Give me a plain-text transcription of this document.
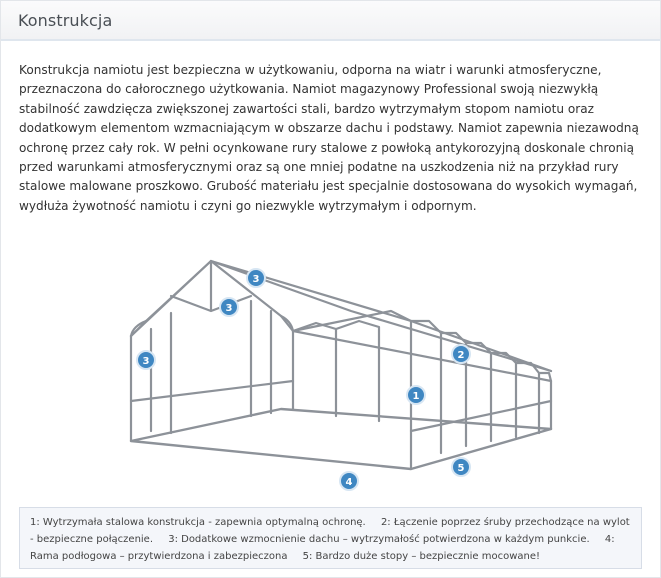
Konstrukcja

Konstrukcja namiotu jest bezpieczna w użytkowaniu, odporna na wiatr i warunki atmosferyczne, przeznaczona do całorocznego użytkowania. Namiot magazynowy Professional swoją niezwykłą stabilność zawdzięcza zwiększonej zawartości stali, bardzo wytrzymałym stopom namiotu oraz dodatkowym elementom wzmacniającym w obszarze dachu i podstawy. Namiot zapewnia niezawodną ochronę przez cały rok. W pełni ocynkowane rury stalowe z powłoką antykorozyjną doskonale chronią przed warunkami atmosferycznymi oraz są one mniej podatne na uszkodzenia niż na przykład rury stalowe malowane proszkowo. Grubość materiału jest specjalnie dostosowana do wysokich wymagań, wydłuża żywotność namiotu i czyni go niezwykle wytrzymałym i odpornym.

3
3
3
2
1
5
4
1: Wytrzymała stalowa konstrukcja - zapewnia optymalną ochronę. 2: Łączenie poprzez śruby przechodzące na wylot - bezpieczne połączenie. 3: Dodatkowe wzmocnienie dachu – wytrzymałość potwierdzona w każdym punkcie. 4: Rama podłogowa – przytwierdzona i zabezpieczona 5: Bardzo duże stopy – bezpiecznie mocowane!
